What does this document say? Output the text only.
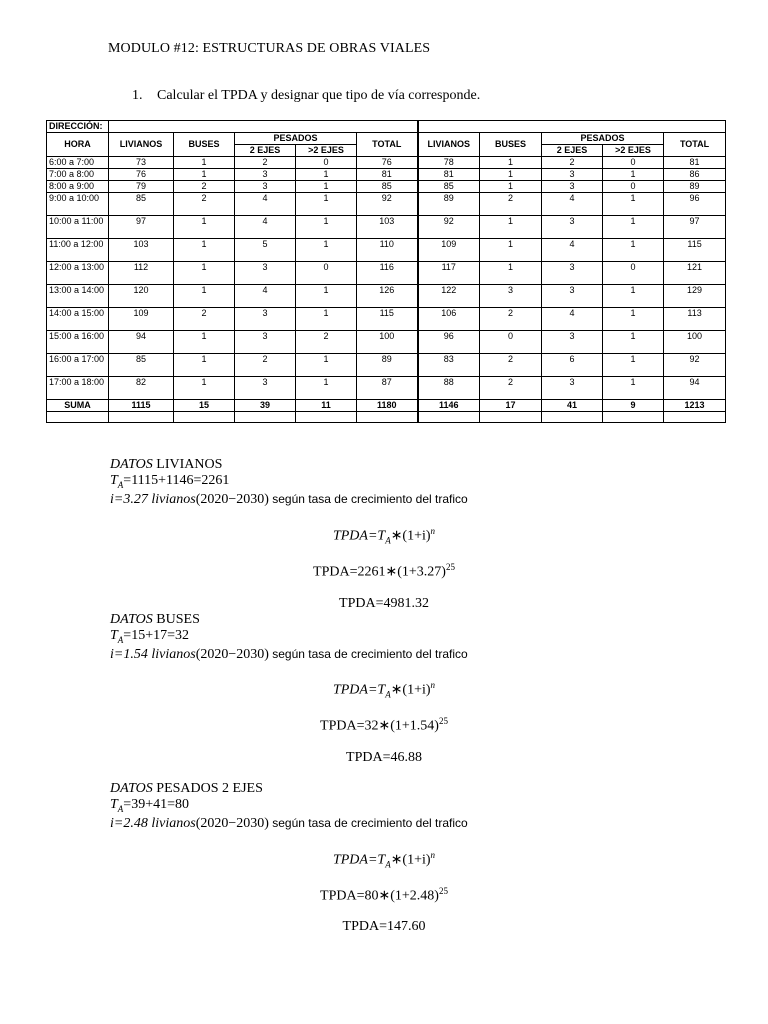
MODULO #12: ESTRUCTURAS DE OBRAS VIALES
1. Calcular el TPDA y designar que tipo de vía corresponde.
DIRECCIÓN:										
HORA	LIVIANOS	BUSES	PESADOS		TOTAL	LIVIANOS	BUSES	PESADOS		TOTAL
			2 EJES	>2 EJES				2 EJES	>2 EJES	
6:00 a 7:00	73	1	2	0	76	78	1	2	0	81
7:00 a 8:00	76	1	3	1	81	81	1	3	1	86
8:00 a 9:00	79	2	3	1	85	85	1	3	0	89
9:00 a 10:00	85	2	4	1	92	89	2	4	1	96
10:00 a 11:00	97	1	4	1	103	92	1	3	1	97
11:00 a 12:00	103	1	5	1	110	109	1	4	1	115
12:00 a 13:00	112	1	3	0	116	117	1	3	0	121
13:00 a 14:00	120	1	4	1	126	122	3	3	1	129
14:00 a 15:00	109	2	3	1	115	106	2	4	1	113
15:00 a 16:00	94	1	3	2	100	96	0	3	1	100
16:00 a 17:00	85	1	2	1	89	83	2	6	1	92
17:00 a 18:00	82	1	3	1	87	88	2	3	1	94
SUMA	1115	15	39	11	1180	1146	17	41	9	1213

DATOS LIVIANOS
$T_A=1115+1146=2261$
i=3.27 livianos(2020−2030) según tasa de crecimiento del trafico
$TPDA=T_A∗(1+i)^n$
$TPDA=2261∗(1+3.27)^{25}$
TPDA=4981.32
DATOS BUSES
$T_A=15+17=32$
i=1.54 livianos(2020−2030) según tasa de crecimiento del trafico
$TPDA=T_A∗(1+i)^n$
$TPDA=32∗(1+1.54)^{25}$
TPDA=46.88
DATOS PESADOS 2 EJES
$T_A=39+41=80$
i=2.48 livianos(2020−2030) según tasa de crecimiento del trafico
$TPDA=T_A∗(1+i)^n$
$TPDA=80∗(1+2.48)^{25}$
TPDA=147.60
